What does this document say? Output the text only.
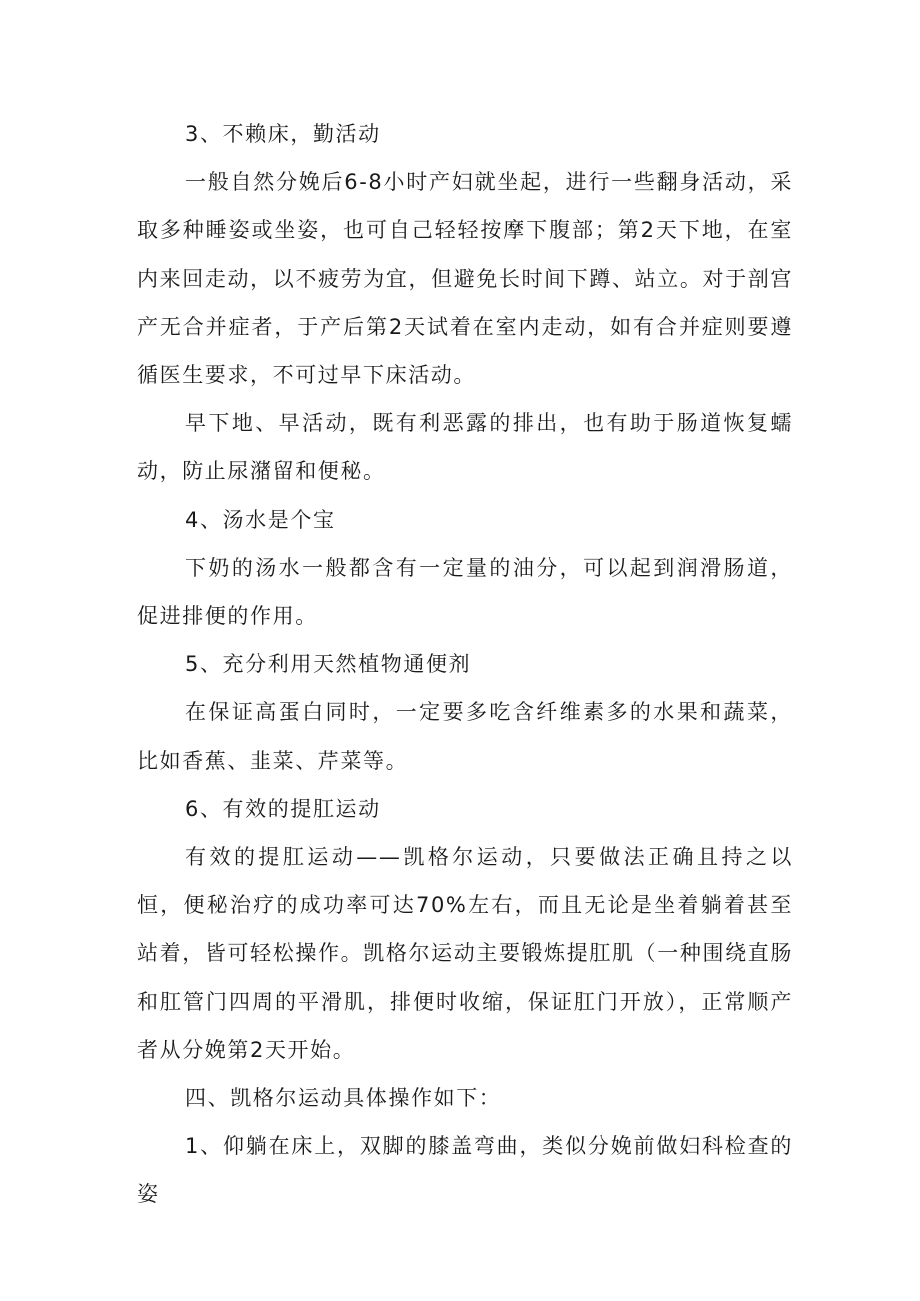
3、不赖床，勤活动

一般自然分娩后6-8小时产妇就坐起，进行一些翻身活动，采取多种睡姿或坐姿，也可自己轻轻按摩下腹部；第2天下地，在室内来回走动，以不疲劳为宜，但避免长时间下蹲、站立。对于剖宫产无合并症者，于产后第2天试着在室内走动，如有合并症则要遵循医生要求，不可过早下床活动。

早下地、早活动，既有利恶露的排出，也有助于肠道恢复蠕动，防止尿潴留和便秘。

4、汤水是个宝

下奶的汤水一般都含有一定量的油分，可以起到润滑肠道，促进排便的作用。

5、充分利用天然植物通便剂

在保证高蛋白同时，一定要多吃含纤维素多的水果和蔬菜，比如香蕉、韭菜、芹菜等。

6、有效的提肛运动

有效的提肛运动——凯格尔运动，只要做法正确且持之以恒，便秘治疗的成功率可达70%左右，而且无论是坐着躺着甚至站着，皆可轻松操作。凯格尔运动主要锻炼提肛肌（一种围绕直肠和肛管门四周的平滑肌，排便时收缩，保证肛门开放），正常顺产者从分娩第2天开始。

四、凯格尔运动具体操作如下：

1、仰躺在床上，双脚的膝盖弯曲，类似分娩前做妇科检查的姿
